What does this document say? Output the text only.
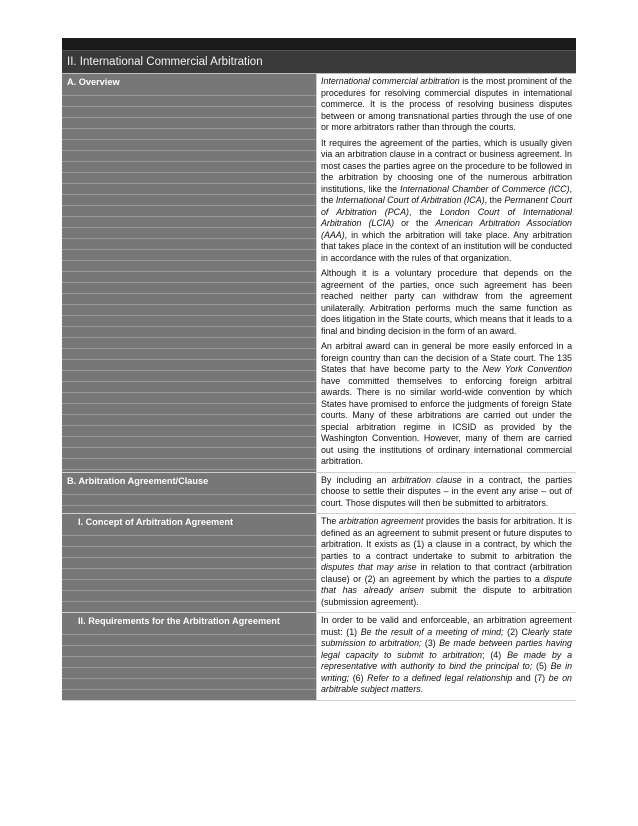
II. International Commercial Arbitration
A. Overview	International commercial arbitration is the most prominent of the procedures for resolving commercial disputes in international commerce. It is the process of resolving business disputes between or among transnational parties through the use of one or more arbitrators rather than through the courts.

It requires the agreement of the parties, which is usually given via an arbitration clause in a contract or business agreement. In most cases the parties agree on the procedure to be followed in the arbitration by choosing one of the numerous arbitration institutions, like the International Chamber of Commerce (ICC), the International Court of Arbitration (ICA), the Permanent Court of Arbitration (PCA), the London Court of International Arbitration (LCIA) or the American Arbitration Association (AAA), in which the arbitration will take place. Any arbitration that takes place in the context of an institution will be conducted in accordance with the rules of that organization.

Although it is a voluntary procedure that depends on the agreement of the parties, once such agreement has been reached neither party can withdraw from the agreement unilaterally. Arbitration performs much the same function as does litigation in the State courts, which means that it leads to a final and binding decision in the form of an award.

An arbitral award can in general be more easily enforced in a foreign country than can the decision of a State court. The 135 States that have become party to the New York Convention have committed themselves to enforcing foreign arbitral awards. There is no similar world-wide convention by which States have promised to enforce the judgments of foreign State courts. Many of these arbitrations are carried out under the special arbitration regime in ICSID as provided by the Washington Convention. However, many of them are carried out using the institutions of ordinary international commercial arbitration.

B. Arbitration Agreement/Clause	By including an arbitration clause in a contract, the parties choose to settle their disputes – in the event any arise – out of court. Those disputes will then be submitted to arbitrators.

I. Concept of Arbitration Agreement	The arbitration agreement provides the basis for arbitration. It is defined as an agreement to submit present or future disputes to arbitration. It exists as (1) a clause in a contract, by which the parties to a contract undertake to submit to arbitration the disputes that may arise in relation to that contract (arbitration clause) or (2) an agreement by which the parties to a dispute that has already arisen submit the dispute to arbitration (submission agreement).

II. Requirements for the Arbitration Agreement	In order to be valid and enforceable, an arbitration agreement must: (1) Be the result of a meeting of mind; (2) Clearly state submission to arbitration; (3) Be made between parties having legal capacity to submit to arbitration; (4) Be made by a representative with authority to bind the principal to; (5) Be in writing; (6) Refer to a defined legal relationship and (7) be on arbitrable subject matters.
